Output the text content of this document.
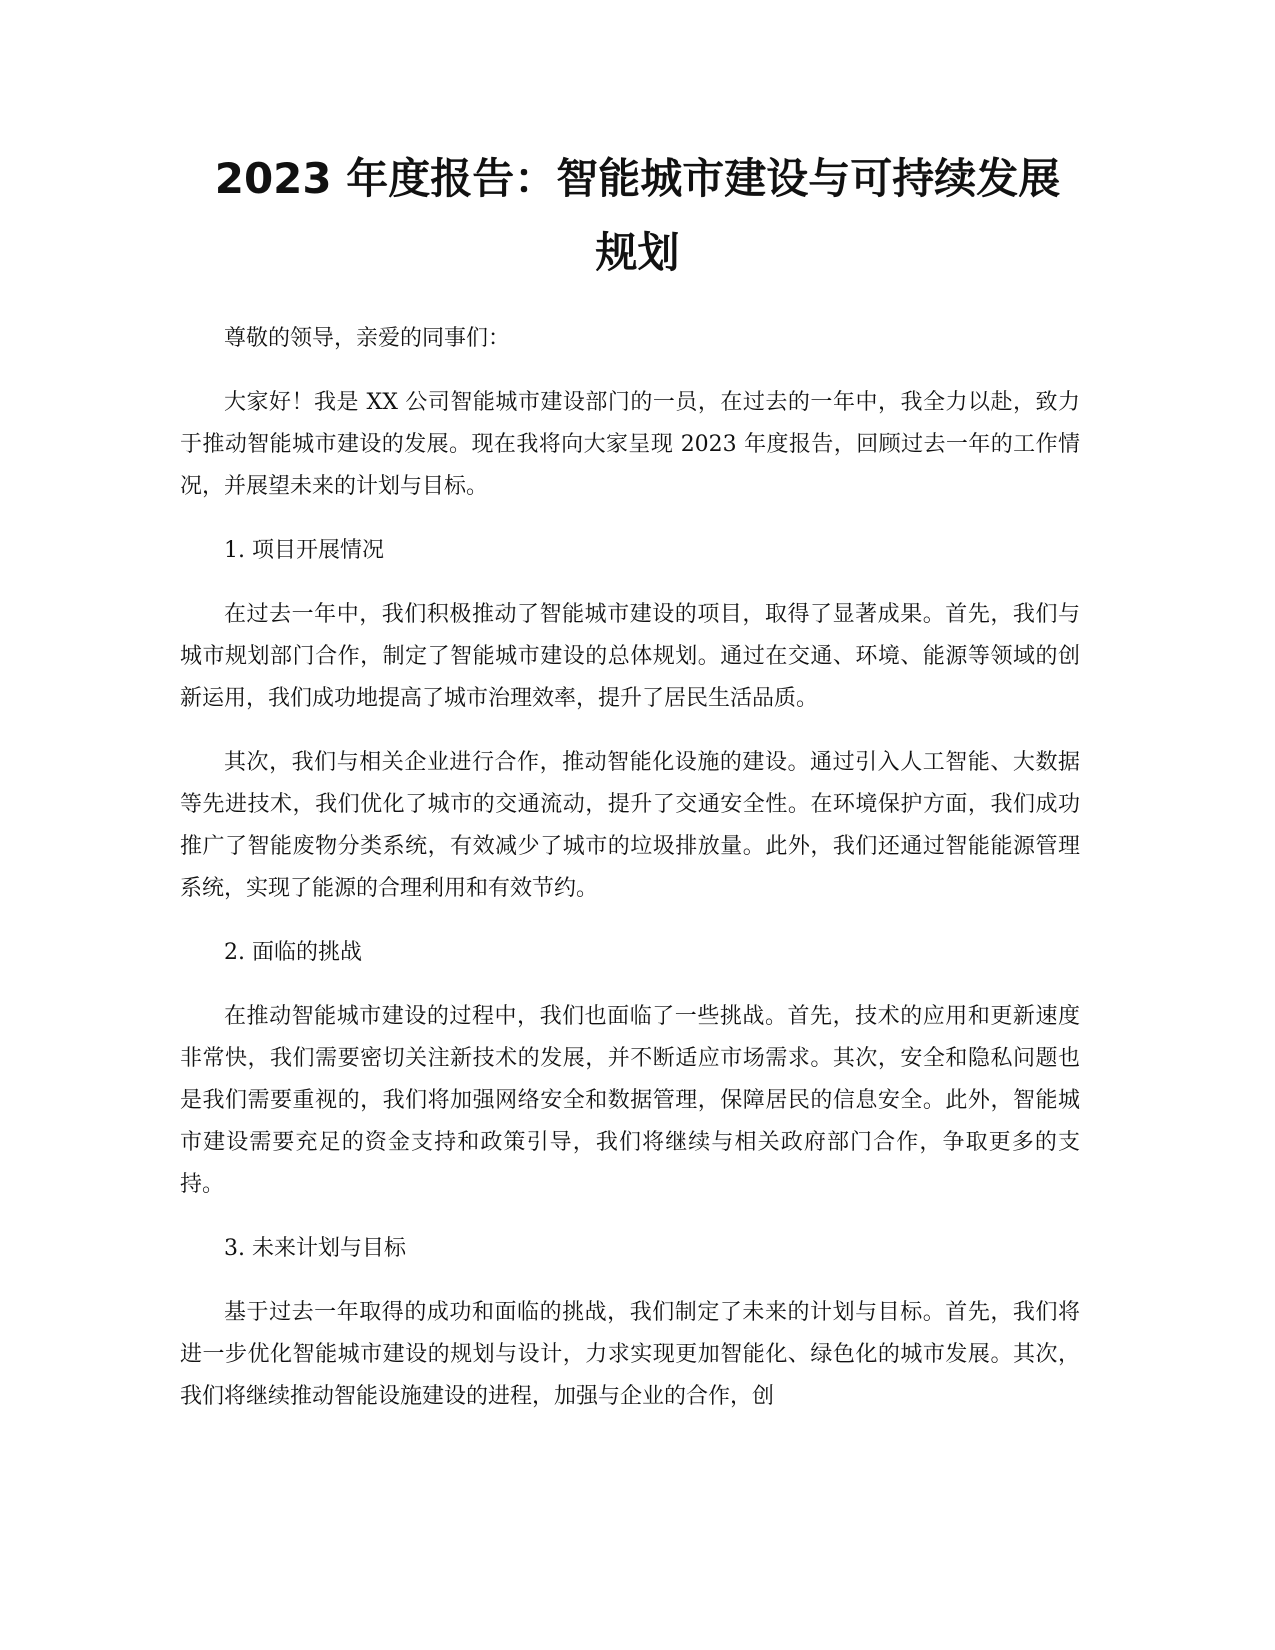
2023 年度报告：智能城市建设与可持续发展
规划

尊敬的领导，亲爱的同事们：

大家好！我是 XX 公司智能城市建设部门的一员，在过去的一年中，我全力以赴，致力于推动智能城市建设的发展。现在我将向大家呈现 2023 年度报告，回顾过去一年的工作情况，并展望未来的计划与目标。

1. 项目开展情况

在过去一年中，我们积极推动了智能城市建设的项目，取得了显著成果。首先，我们与城市规划部门合作，制定了智能城市建设的总体规划。通过在交通、环境、能源等领域的创新运用，我们成功地提高了城市治理效率，提升了居民生活品质。

其次，我们与相关企业进行合作，推动智能化设施的建设。通过引入人工智能、大数据等先进技术，我们优化了城市的交通流动，提升了交通安全性。在环境保护方面，我们成功推广了智能废物分类系统，有效减少了城市的垃圾排放量。此外，我们还通过智能能源管理系统，实现了能源的合理利用和有效节约。

2. 面临的挑战

在推动智能城市建设的过程中，我们也面临了一些挑战。首先，技术的应用和更新速度非常快，我们需要密切关注新技术的发展，并不断适应市场需求。其次，安全和隐私问题也是我们需要重视的，我们将加强网络安全和数据管理，保障居民的信息安全。此外，智能城市建设需要充足的资金支持和政策引导，我们将继续与相关政府部门合作，争取更多的支持。

3. 未来计划与目标

基于过去一年取得的成功和面临的挑战，我们制定了未来的计划与目标。首先，我们将进一步优化智能城市建设的规划与设计，力求实现更加智能化、绿色化的城市发展。其次，我们将继续推动智能设施建设的进程，加强与企业的合作，创
